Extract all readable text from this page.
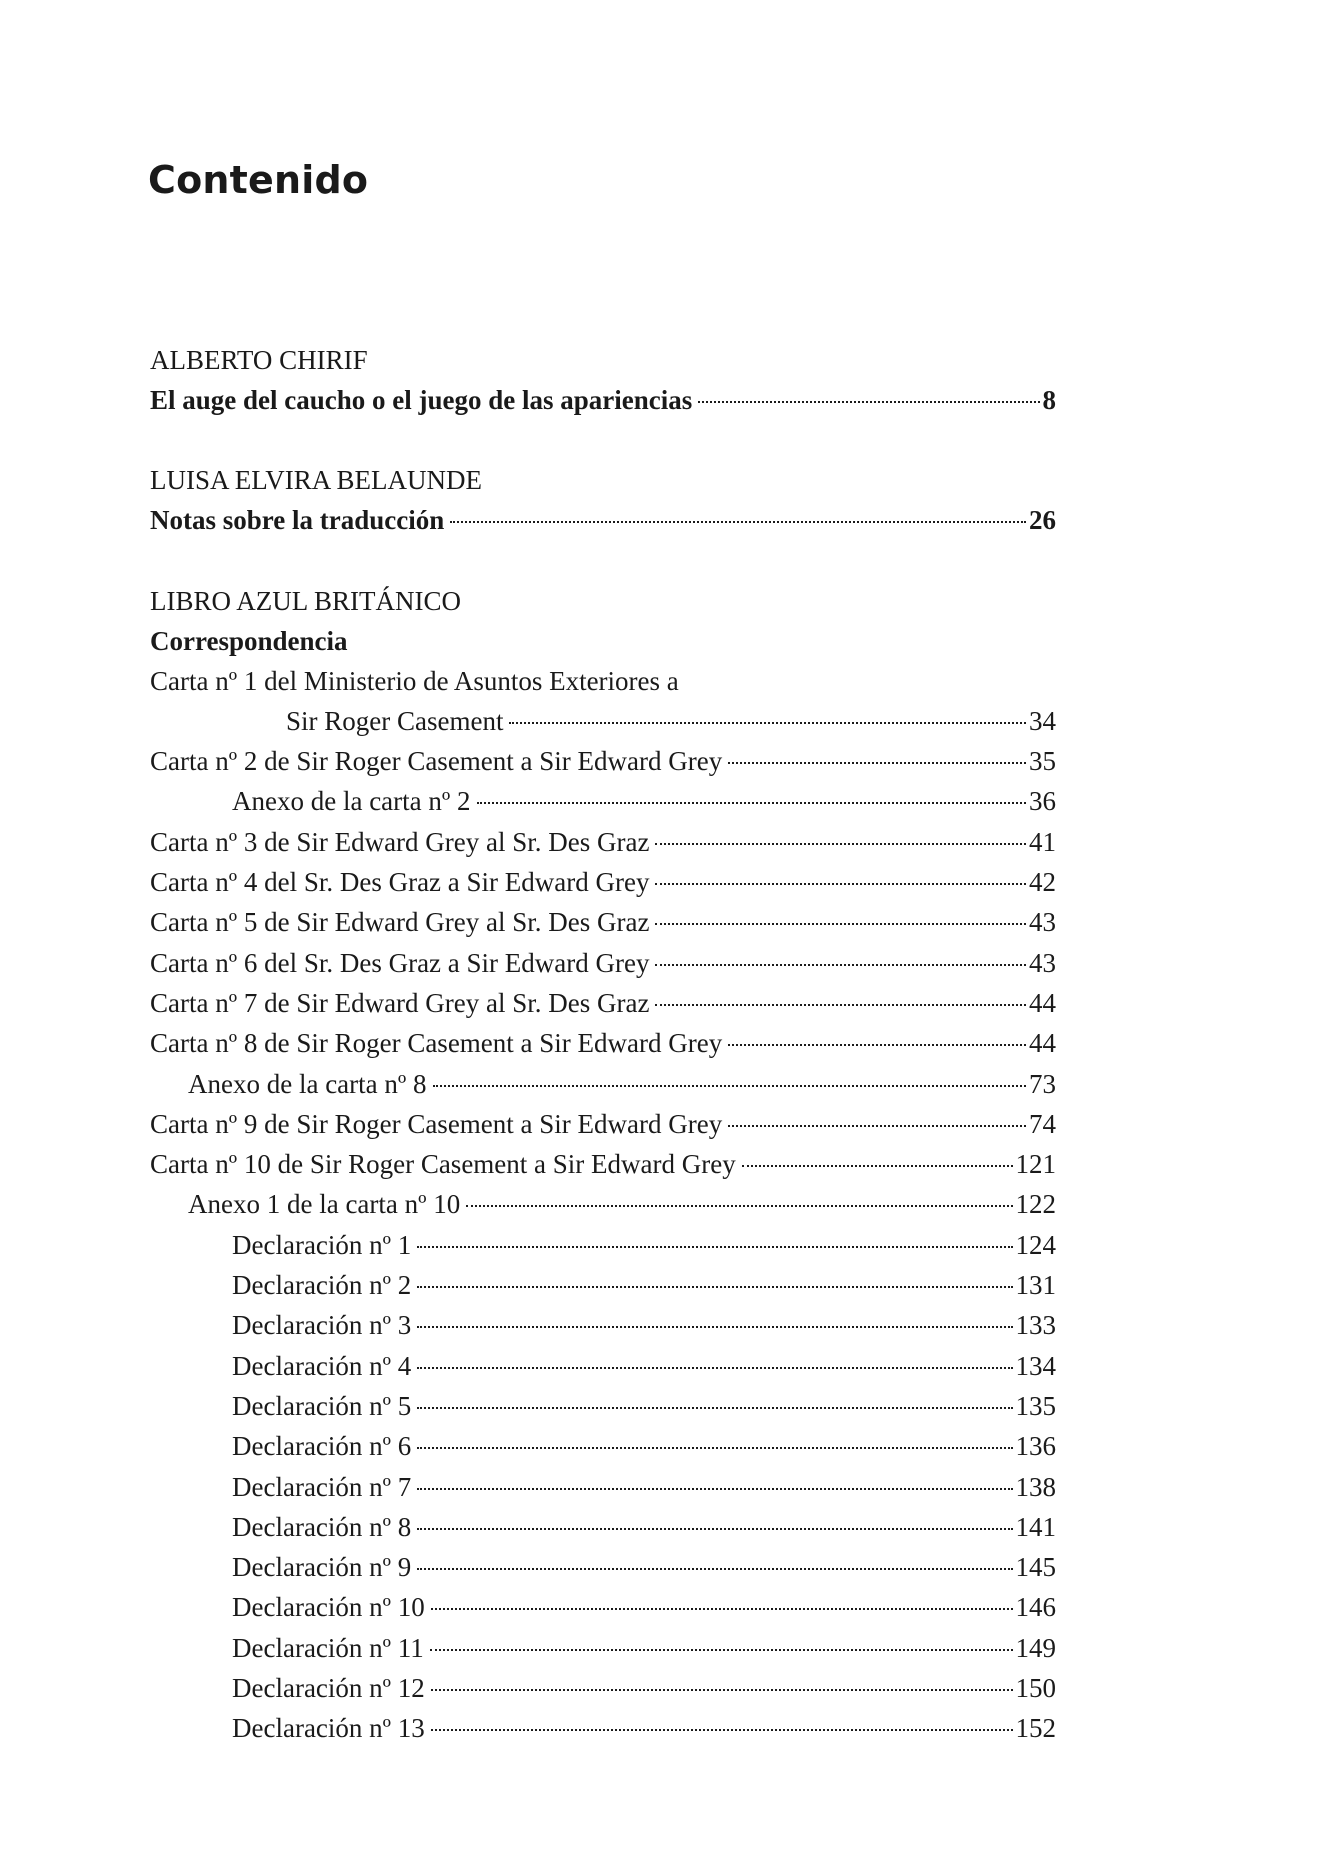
Contenido
ALBERTO CHIRIF
El auge del caucho o el juego de las apariencias	8
LUISA ELVIRA BELAUNDE
Notas sobre la traducción	26
LIBRO AZUL BRITÁNICO
Correspondencia
Carta nº 1 del Ministerio de Asuntos Exteriores a
Sir Roger Casement	34
Carta nº 2 de Sir Roger Casement a Sir Edward Grey	35
Anexo de la carta nº 2	36
Carta nº 3 de Sir Edward Grey al Sr. Des Graz	41
Carta nº 4 del Sr. Des Graz a Sir Edward Grey	42
Carta nº 5 de Sir Edward Grey al Sr. Des Graz	43
Carta nº 6 del Sr. Des Graz a Sir Edward Grey	43
Carta nº 7 de Sir Edward Grey al Sr. Des Graz	44
Carta nº 8 de Sir Roger Casement a Sir Edward Grey	44
Anexo de la carta nº 8	73
Carta nº 9 de Sir Roger Casement a Sir Edward Grey	74
Carta nº 10 de Sir Roger Casement a Sir Edward Grey	121
Anexo 1 de la carta nº 10	122
Declaración nº 1	124
Declaración nº 2	131
Declaración nº 3	133
Declaración nº 4	134
Declaración nº 5	135
Declaración nº 6	136
Declaración nº 7	138
Declaración nº 8	141
Declaración nº 9	145
Declaración nº 10	146
Declaración nº 11	149
Declaración nº 12	150
Declaración nº 13	152
